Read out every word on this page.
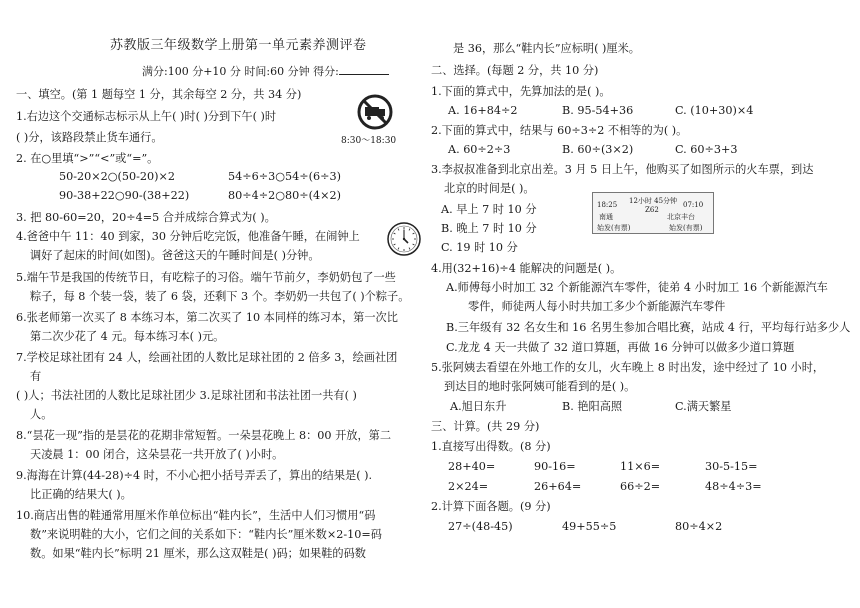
苏教版三年级数学上册第一单元素养测评卷
满分:100 分+10 分 时间:60 分钟 得分:
一、填空。(第 1 题每空 1 分，其余每空 2 分，共 34 分)
1.右边这个交通标志标示从上午( )时( )分到下午( )时
( )分，该路段禁止货车通行。	8:30～18:30
2. 在○里填“>”“<”或“=”。
50-20×2○(50-20)×2	54÷6÷3○54÷(6÷3)
90-38+22○90-(38+22)	80÷4÷2○80÷(4×2)
3. 把 80-60=20，20÷4=5 合并成综合算式为( )。
4.爸爸中午 11：40 到家，30 分钟后吃完饭，他准备午睡，在闹钟上
调好了起床的时间(如图)。爸爸这天的午睡时间是( )分钟。
5.端午节是我国的传统节日，有吃粽子的习俗。端午节前夕，李奶奶包了一些
粽子，每 8 个装一袋，装了 6 袋，还剩下 3 个。李奶奶一共包了( )个粽子。
6.张老师第一次买了 8 本练习本，第二次买了 10 本同样的练习本，第一次比
第二次少花了 4 元。每本练习本( )元。
7.学校足球社团有 24 人，绘画社团的人数比足球社团的 2 倍多 3，绘画社团
有
( )人；书法社团的人数比足球社团少 3.足球社团和书法社团一共有( )
人。
8.“昙花一现”指的是昙花的花期非常短暂。一朵昙花晚上 8：00 开放，第二
天凌晨 1：00 闭合，这朵昙花一共开放了( )小时。
9.海海在计算(44-28)÷4 时，不小心把小括号弄丢了，算出的结果是( ).
比正确的结果大( )。
10.商店出售的鞋通常用厘米作单位标出“鞋内长”，生活中人们习惯用“码
数”来说明鞋的大小，它们之间的关系如下：“鞋内长”厘米数×2-10=码
数。如果“鞋内长”标明 21 厘米，那么这双鞋是( )码；如果鞋的码数
是 36，那么“鞋内长”应标明( )厘米。
二、选择。(每题 2 分，共 10 分)
1.下面的算式中，先算加法的是( )。
A. 16+84÷2	B. 95-54+36	C. (10+30)×4
2.下面的算式中，结果与 60÷3÷2 不相等的为( )。
A. 60÷2÷3	B. 60÷(3×2)	C. 60÷3+3
3.李叔叔准备到北京出差。3 月 5 日上午，他购买了如图所示的火车票，到达
北京的时间是( )。
A. 早上 7 时 10 分
B. 晚上 7 时 10 分
C. 19 时 10 分
12小时 45分钟
18:25	07:10
Z62
南通	北京丰台
始发(有票)	始发(有票)
4.用(32+16)÷4 能解决的问题是( )。
A.师傅每小时加工 32 个新能源汽车零件，徒弟 4 小时加工 16 个新能源汽车
零件，师徒两人每小时共加工多少个新能源汽车零件
B.三年级有 32 名女生和 16 名男生参加合唱比赛，站成 4 行，平均每行站多少人
C.龙龙 4 天一共做了 32 道口算题，再做 16 分钟可以做多少道口算题
5.张阿姨去看望在外地工作的女儿，火车晚上 8 时出发，途中经过了 10 小时，
到达目的地时张阿姨可能看到的是( )。
A.旭日东升	B. 艳阳高照	C.满天繁星
三、计算。(共 29 分)
1.直接写出得数。(8 分)
28+40=	90-16=	11×6=	30-5-15=
2×24=	26+64=	66÷2=	48÷4÷3=
2.计算下面各题。(9 分)
27÷(48-45)	49+55÷5	80÷4×2
